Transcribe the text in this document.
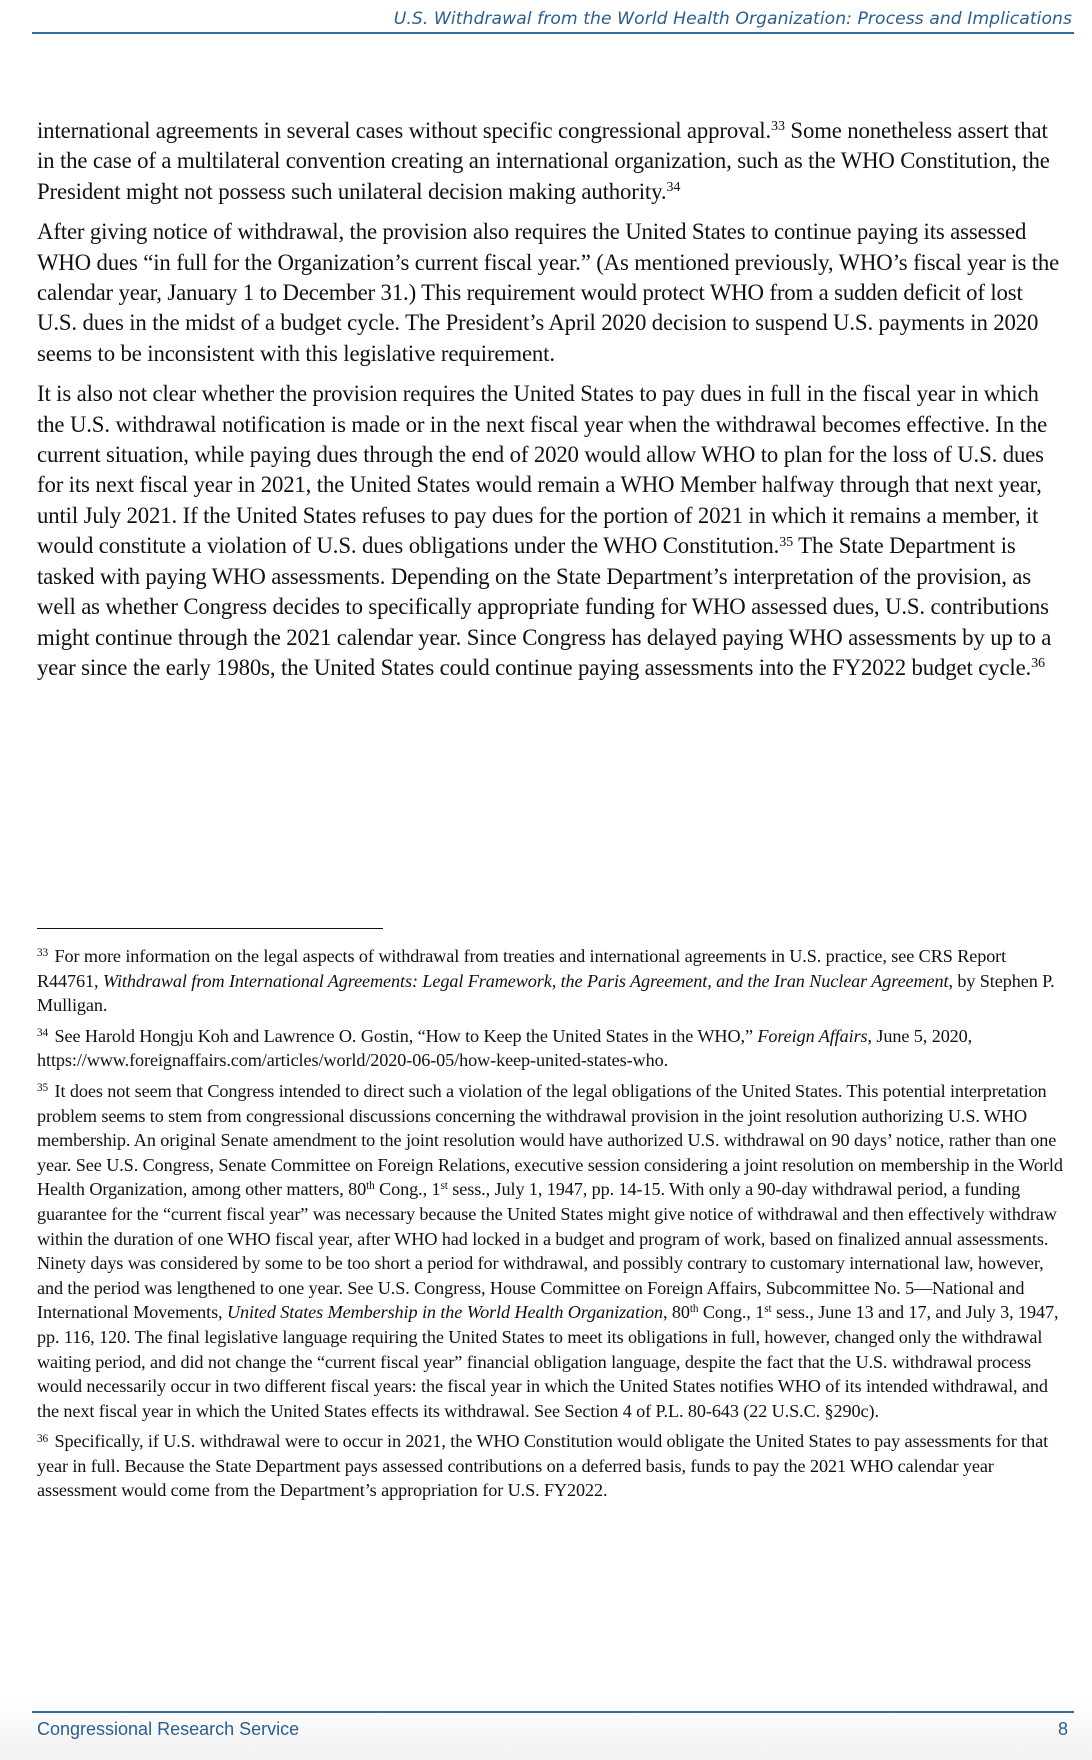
U.S. Withdrawal from the World Health Organization: Process and Implications

international agreements in several cases without specific congressional approval.$^{33}$ Some nonetheless assert that in the case of a multilateral convention creating an international organization, such as the WHO Constitution, the President might not possess such unilateral decision making authority.$^{34}$

After giving notice of withdrawal, the provision also requires the United States to continue paying its assessed WHO dues “in full for the Organization’s current fiscal year.” (As mentioned previously, WHO’s fiscal year is the calendar year, January 1 to December 31.) This requirement would protect WHO from a sudden deficit of lost U.S. dues in the midst of a budget cycle. The President’s April 2020 decision to suspend U.S. payments in 2020 seems to be inconsistent with this legislative requirement.

It is also not clear whether the provision requires the United States to pay dues in full in the fiscal year in which the U.S. withdrawal notification is made or in the next fiscal year when the withdrawal becomes effective. In the current situation, while paying dues through the end of 2020 would allow WHO to plan for the loss of U.S. dues for its next fiscal year in 2021, the United States would remain a WHO Member halfway through that next year, until July 2021. If the United States refuses to pay dues for the portion of 2021 in which it remains a member, it would constitute a violation of U.S. dues obligations under the WHO Constitution.$^{35}$ The State Department is tasked with paying WHO assessments. Depending on the State Department’s interpretation of the provision, as well as whether Congress decides to specifically appropriate funding for WHO assessed dues, U.S. contributions might continue through the 2021 calendar year. Since Congress has delayed paying WHO assessments by up to a year since the early 1980s, the United States could continue paying assessments into the FY2022 budget cycle.$^{36}$

$^{33}$ For more information on the legal aspects of withdrawal from treaties and international agreements in U.S. practice, see CRS Report R44761, Withdrawal from International Agreements: Legal Framework, the Paris Agreement, and the Iran Nuclear Agreement, by Stephen P. Mulligan.

$^{34}$ See Harold Hongju Koh and Lawrence O. Gostin, “How to Keep the United States in the WHO,” Foreign Affairs, June 5, 2020, https://www.foreignaffairs.com/articles/world/2020-06-05/how-keep-united-states-who.

$^{35}$ It does not seem that Congress intended to direct such a violation of the legal obligations of the United States. This potential interpretation problem seems to stem from congressional discussions concerning the withdrawal provision in the joint resolution authorizing U.S. WHO membership. An original Senate amendment to the joint resolution would have authorized U.S. withdrawal on 90 days’ notice, rather than one year. See U.S. Congress, Senate Committee on Foreign Relations, executive session considering a joint resolution on membership in the World Health Organization, among other matters, 80th Cong., 1st sess., July 1, 1947, pp. 14-15. With only a 90-day withdrawal period, a funding guarantee for the “current fiscal year” was necessary because the United States might give notice of withdrawal and then effectively withdraw within the duration of one WHO fiscal year, after WHO had locked in a budget and program of work, based on finalized annual assessments. Ninety days was considered by some to be too short a period for withdrawal, and possibly contrary to customary international law, however, and the period was lengthened to one year. See U.S. Congress, House Committee on Foreign Affairs, Subcommittee No. 5—National and International Movements, United States Membership in the World Health Organization, 80th Cong., 1st sess., June 13 and 17, and July 3, 1947, pp. 116, 120. The final legislative language requiring the United States to meet its obligations in full, however, changed only the withdrawal waiting period, and did not change the “current fiscal year” financial obligation language, despite the fact that the U.S. withdrawal process would necessarily occur in two different fiscal years: the fiscal year in which the United States notifies WHO of its intended withdrawal, and the next fiscal year in which the United States effects its withdrawal. See Section 4 of P.L. 80-643 (22 U.S.C. §290c).

$^{36}$ Specifically, if U.S. withdrawal were to occur in 2021, the WHO Constitution would obligate the United States to pay assessments for that year in full. Because the State Department pays assessed contributions on a deferred basis, funds to pay the 2021 WHO calendar year assessment would come from the Department’s appropriation for U.S. FY2022.

Congressional Research Service	8
